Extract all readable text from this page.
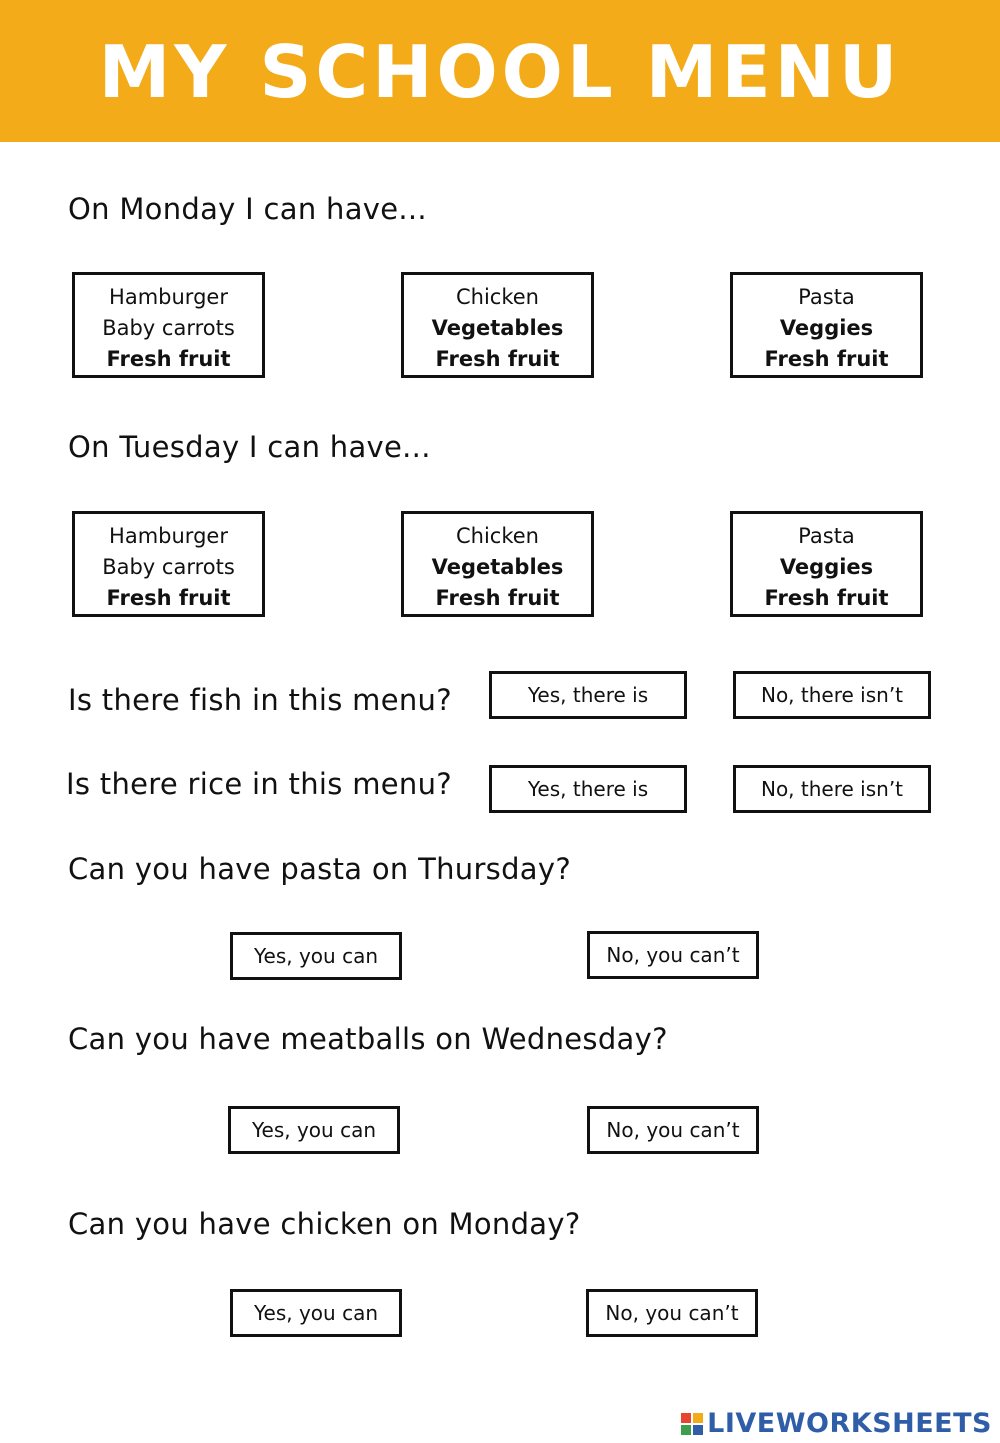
MY SCHOOL MENU
On Monday I can have...
Hamburger
Baby carrots
Fresh fruit
Chicken
Vegetables
Fresh fruit
Pasta
Veggies
Fresh fruit
On Tuesday I can have...
Hamburger
Baby carrots
Fresh fruit
Chicken
Vegetables
Fresh fruit
Pasta
Veggies
Fresh fruit
Is there fish in this menu?	Yes, there is	No, there isn’t
Is there rice in this menu?	Yes, there is	No, there isn’t
Can you have pasta on Thursday?
Yes, you can	No, you can’t
Can you have meatballs on Wednesday?
Yes, you can	No, you can’t
Can you have chicken on Monday?
Yes, you can	No, you can’t
LIVEWORKSHEETS
